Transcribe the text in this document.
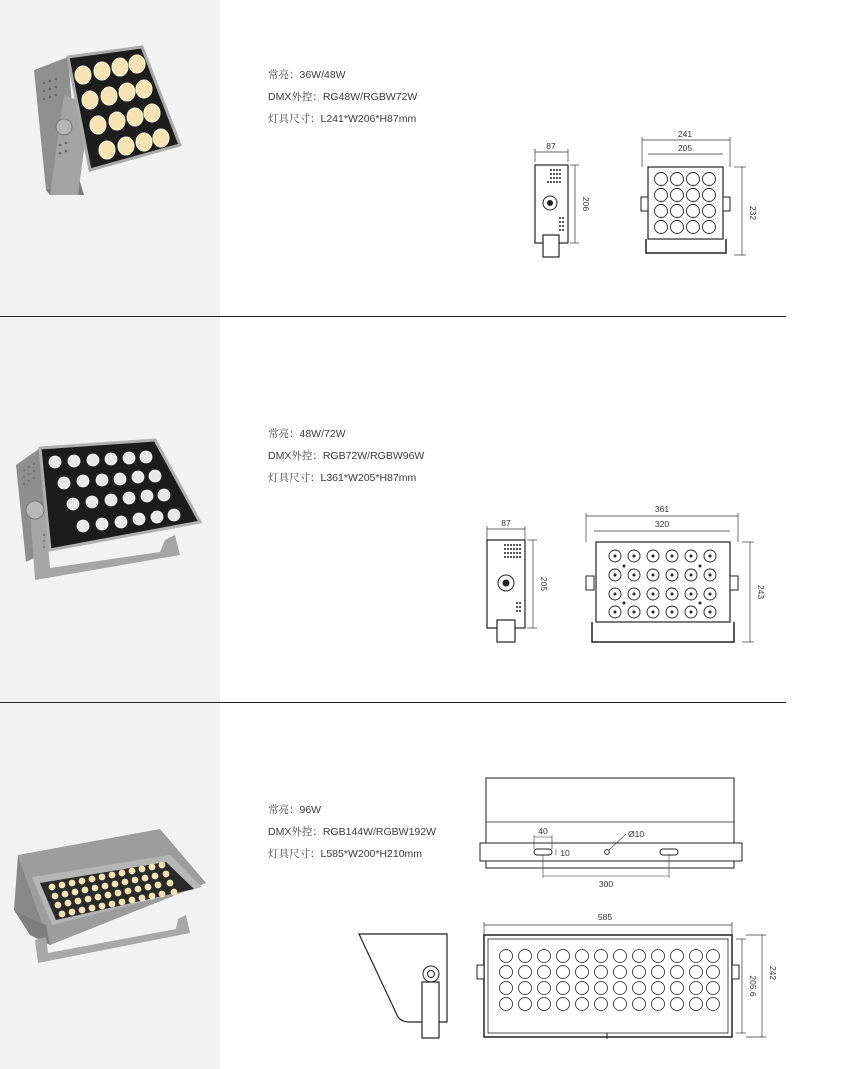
常亮：36W/48W
DMX外控：RG48W/RGBW72W
灯具尺寸：L241*W206*H87mm
87
206
241
205
232
常亮：48W/72W
DMX外控：RGB72W/RGBW96W
灯具尺寸：L361*W205*H87mm
87
205
361
320
243
常亮：96W
DMX外控：RGB144W/RGBW192W
灯具尺寸：L585*W200*H210mm
Ø10
40
10
300
585
205.6
242
